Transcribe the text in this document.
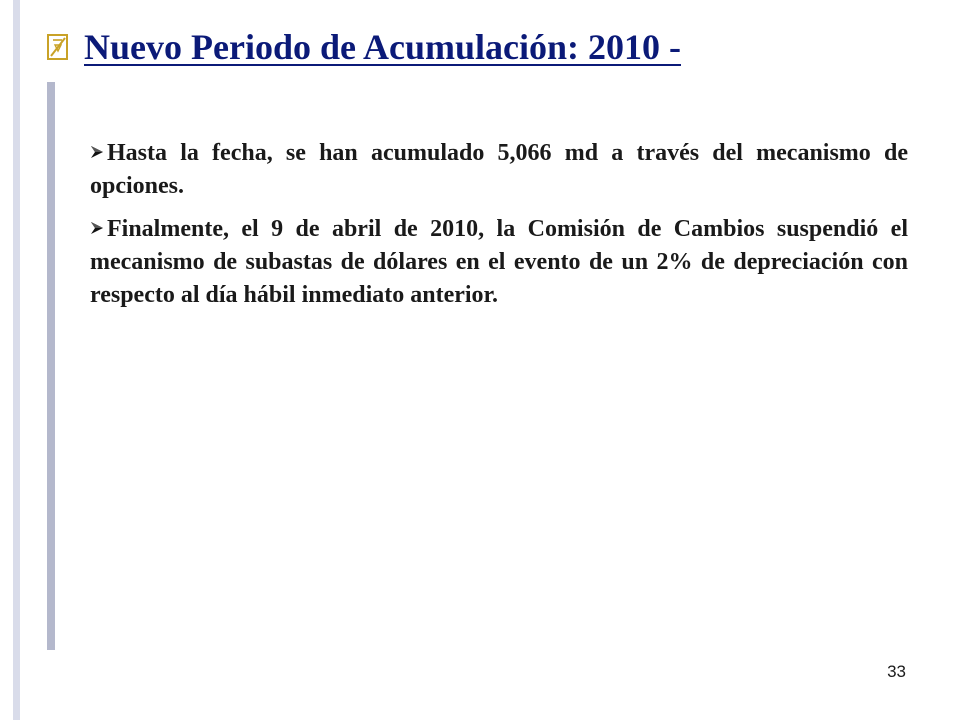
Nuevo Periodo de Acumulación: 2010 -

Hasta la fecha, se han acumulado 5,066 md a través del mecanismo de opciones.

Finalmente, el 9 de abril de 2010, la Comisión de Cambios suspendió el mecanismo de subastas de dólares en el evento de un 2% de depreciación con respecto al día hábil inmediato anterior.

33
